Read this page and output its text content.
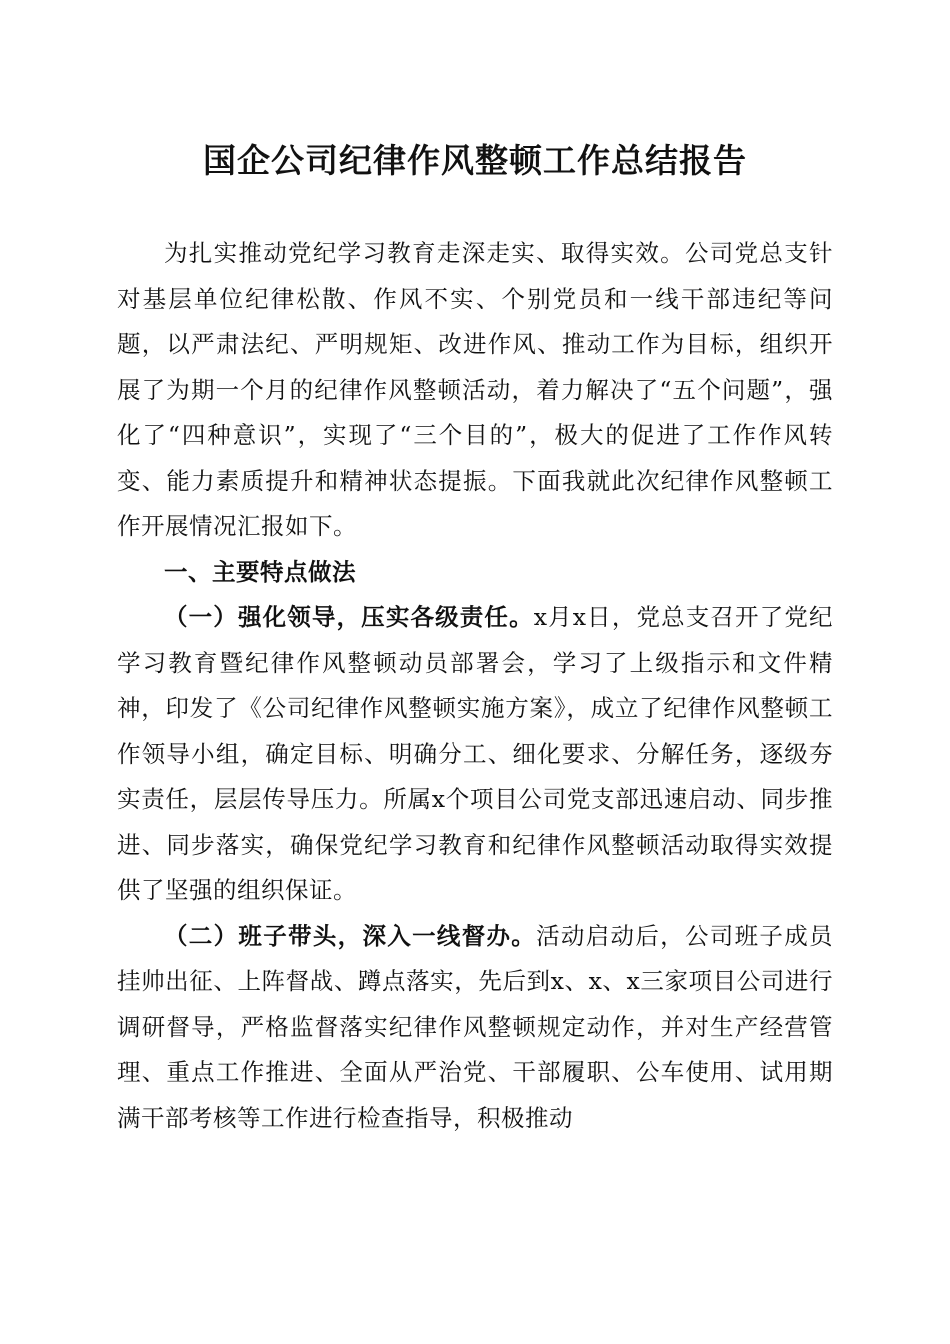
国企公司纪律作风整顿工作总结报告

为扎实推动党纪学习教育走深走实、取得实效。公司党总支针对基层单位纪律松散、作风不实、个别党员和一线干部违纪等问题，以严肃法纪、严明规矩、改进作风、推动工作为目标，组织开展了为期一个月的纪律作风整顿活动，着力解决了“五个问题”，强化了“四种意识”，实现了“三个目的”，极大的促进了工作作风转变、能力素质提升和精神状态提振。下面我就此次纪律作风整顿工作开展情况汇报如下。

一、主要特点做法

（一）强化领导，压实各级责任。x月x日，党总支召开了党纪学习教育暨纪律作风整顿动员部署会，学习了上级指示和文件精神，印发了《公司纪律作风整顿实施方案》，成立了纪律作风整顿工作领导小组，确定目标、明确分工、细化要求、分解任务，逐级夯实责任，层层传导压力。所属x个项目公司党支部迅速启动、同步推进、同步落实，确保党纪学习教育和纪律作风整顿活动取得实效提供了坚强的组织保证。

（二）班子带头，深入一线督办。活动启动后，公司班子成员挂帅出征、上阵督战、蹲点落实，先后到x、x、x三家项目公司进行调研督导，严格监督落实纪律作风整顿规定动作，并对生产经营管理、重点工作推进、全面从严治党、干部履职、公车使用、试用期满干部考核等工作进行检查指导，积极推动
